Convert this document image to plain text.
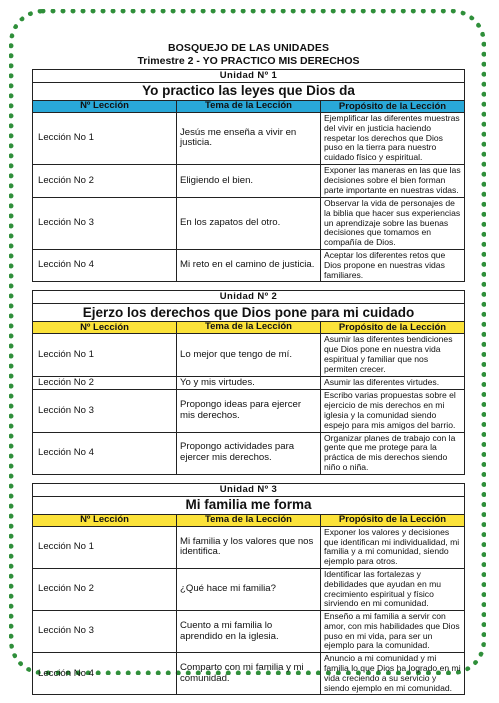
BOSQUEJO DE LAS UNIDADES
Trimestre 2 - YO PRACTICO MIS DERECHOS
Unidad Nº 1		
Yo practico las leyes que Dios da		
Nº Lección	Tema de la Lección	Propósito de la Lección
Lección No 1	Jesús me enseña a vivir en justicia.	Ejemplificar las diferentes muestras del vivir en justicia haciendo respetar los derechos que Dios puso en la tierra para nuestro cuidado físico y espiritual.
Lección No 2	Eligiendo el bien.	Exponer las maneras en las que las decisiones sobre el bien forman parte importante en nuestras vidas.
Lección No 3	En los zapatos del otro.	Observar la vida de personajes de la biblia que hacer sus experiencias un aprendizaje sobre las buenas decisiones que tomamos en compañía de Dios.
Lección No 4	Mi reto en el camino de justicia.	Aceptar los diferentes retos que Dios propone en nuestras vidas familiares.
Unidad Nº 2		
Ejerzo los derechos que Dios pone para mi cuidado		
Nº Lección	Tema de la Lección	Propósito de la Lección
Lección No 1	Lo mejor que tengo de mí.	Asumir las diferentes bendiciones que Dios pone en nuestra vida espiritual y familiar que nos permiten crecer.
Lección No 2	Yo y mis virtudes.	Asumir las diferentes virtudes.
Lección No 3	Propongo ideas para ejercer mis derechos.	Escribo varias propuestas sobre el ejercicio de mis derechos en mi iglesia y la comunidad siendo espejo para mis amigos del barrio.
Lección No 4	Propongo actividades para ejercer mis derechos.	Organizar planes de trabajo con la gente que me protege para la práctica de mis derechos siendo niño o niña.
Unidad Nº 3		
Mi familia me forma		
Nº Lección	Tema de la Lección	Propósito de la Lección
Lección No 1	Mi familia y los valores que nos identifica.	Exponer los valores y decisiones que identifican mi individualidad, mi familia y a mi comunidad, siendo ejemplo para otros.
Lección No 2	¿Qué hace mi familia?	Identificar las fortalezas y debilidades que ayudan en mu crecimiento espiritual y físico sirviendo en mi comunidad.
Lección No 3	Cuento a mi familia lo aprendido en la iglesia.	Enseño a mi familia a servir con amor, con mis habilidades que Dios puso en mi vida, para ser un ejemplo para la comunidad.
Lección No 4	Comparto con mi familia y mi comunidad.	Anuncio a mi comunidad y mi familia lo que Dios ha logrado en mi vida creciendo a su servicio y siendo ejemplo en mi comunidad.
